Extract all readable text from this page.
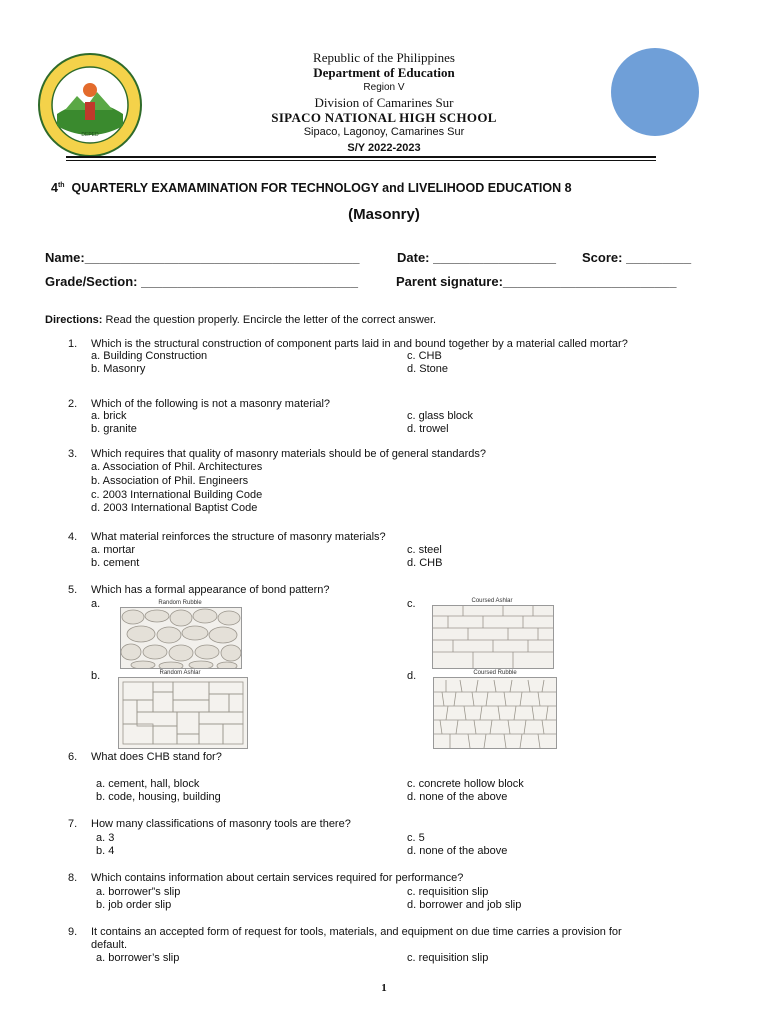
DEPED
Republic of the Philippines
Department of Education
Region V
Division of Camarines Sur
SIPACO NATIONAL HIGH SCHOOL
Sipaco, Lagonoy, Camarines Sur
S/Y 2022-2023
4th QUARTERLY EXAMAMINATION FOR TECHNOLOGY and LIVELIHOOD EDUCATION 8
(Masonry)
Name:______________________________________	Date: _________________ Score: _________
Grade/Section: ______________________________	Parent signature:________________________
Directions: Read the question properly. Encircle the letter of the correct answer.
1. Which is the structural construction of component parts laid in and bound together by a material called mortar?
a. Building Construction	c. CHB
b. Masonry	d. Stone
2. Which of the following is not a masonry material?
a. brick	c. glass block
b. granite	d. trowel
3. Which requires that quality of masonry materials should be of general standards?
a. Association of Phil. Architectures
b. Association of Phil. Engineers
c. 2003 International Building Code
d. 2003 International Baptist Code
4. What material reinforces the structure of masonry materials?
a. mortar	c. steel
b. cement	d. CHB
5. Which has a formal appearance of bond pattern?
a.	c.
b.	d.
Random Rubble	Coursed Ashlar
Random Ashlar	Coursed Rubble
6. What does CHB stand for?
a. cement, hall, block	c. concrete hollow block
b. code, housing, building	d. none of the above
7. How many classifications of masonry tools are there?
a. 3	c. 5
b. 4	d. none of the above
8. Which contains information about certain services required for performance?
a. borrower”s slip	c. requisition slip
b. job order slip	d. borrower and job slip
9. It contains an accepted form of request for tools, materials, and equipment on due time carries a provision for
default.
a. borrower’s slip	c. requisition slip
1
